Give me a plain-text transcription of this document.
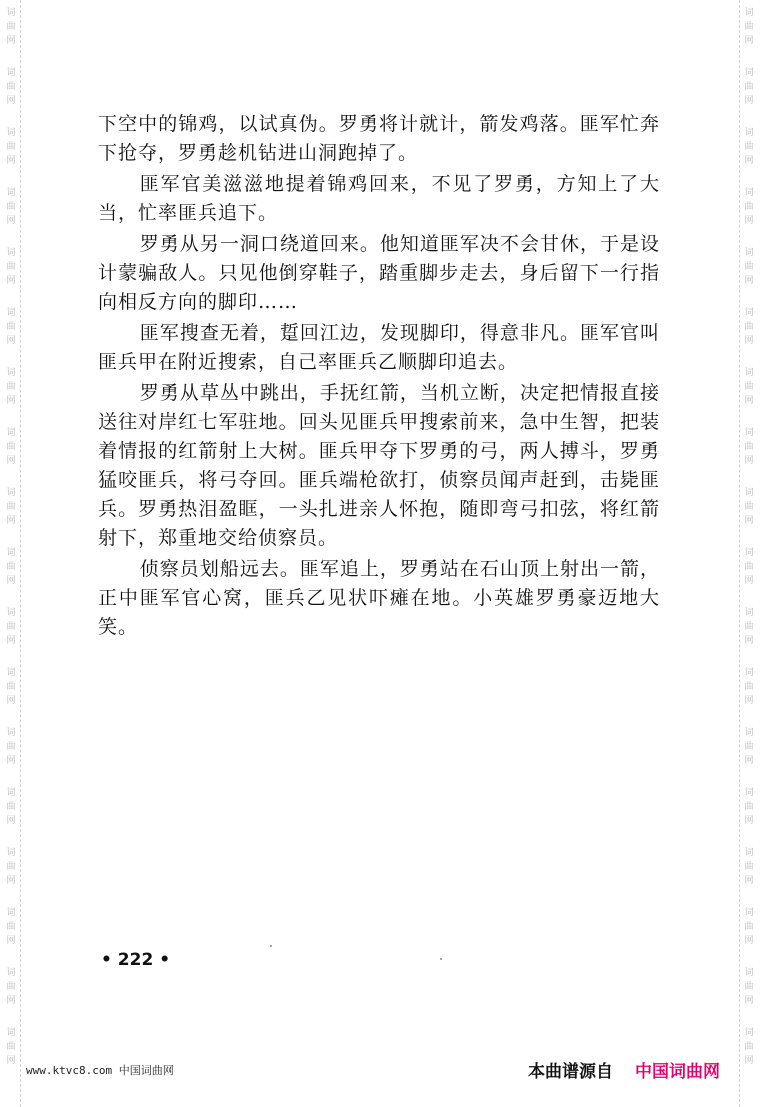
词
曲
网
词
曲
网
词
曲
网
词
曲
网
词
曲
网
词
曲
网
词
曲
网
词
曲
网
词
曲
网
词
曲
网
词
曲
网
词
曲
网
词
曲
网
词
曲
网
词
曲
网
词
曲
网
词
曲
网
词
曲
网
词
曲
网
词
曲
网
词
曲
网
词
曲
网
词
曲
网
词
曲
网
词
曲
网
词
曲
网
词
曲
网
词
曲
网
词
曲
网
词
曲
网
词
曲
网
词
曲
网
词
曲
网
词
曲
网
词
曲
网
词
曲
网

下空中的锦鸡，以试真伪。罗勇将计就计，箭发鸡落。匪军忙奔下抢夺，罗勇趁机钻进山洞跑掉了。

匪军官美滋滋地提着锦鸡回来，不见了罗勇，方知上了大当，忙率匪兵追下。

罗勇从另一洞口绕道回来。他知道匪军决不会甘休，于是设计蒙骗敌人。只见他倒穿鞋子，踏重脚步走去，身后留下一行指向相反方向的脚印……

匪军搜查无着，踅回江边，发现脚印，得意非凡。匪军官叫匪兵甲在附近搜索，自己率匪兵乙顺脚印追去。

罗勇从草丛中跳出，手抚红箭，当机立断，决定把情报直接送往对岸红七军驻地。回头见匪兵甲搜索前来，急中生智，把装着情报的红箭射上大树。匪兵甲夺下罗勇的弓，两人搏斗，罗勇猛咬匪兵，将弓夺回。匪兵端枪欲打，侦察员闻声赶到，击毙匪兵。罗勇热泪盈眶，一头扎进亲人怀抱，随即弯弓扣弦，将红箭射下，郑重地交给侦察员。

侦察员划船远去。匪军追上，罗勇站在石山顶上射出一箭，正中匪军官心窝，匪兵乙见状吓瘫在地。小英雄罗勇豪迈地大笑。

• 222 •
www.ktvc8.com 中国词曲网	本曲谱源自 中国词曲网
